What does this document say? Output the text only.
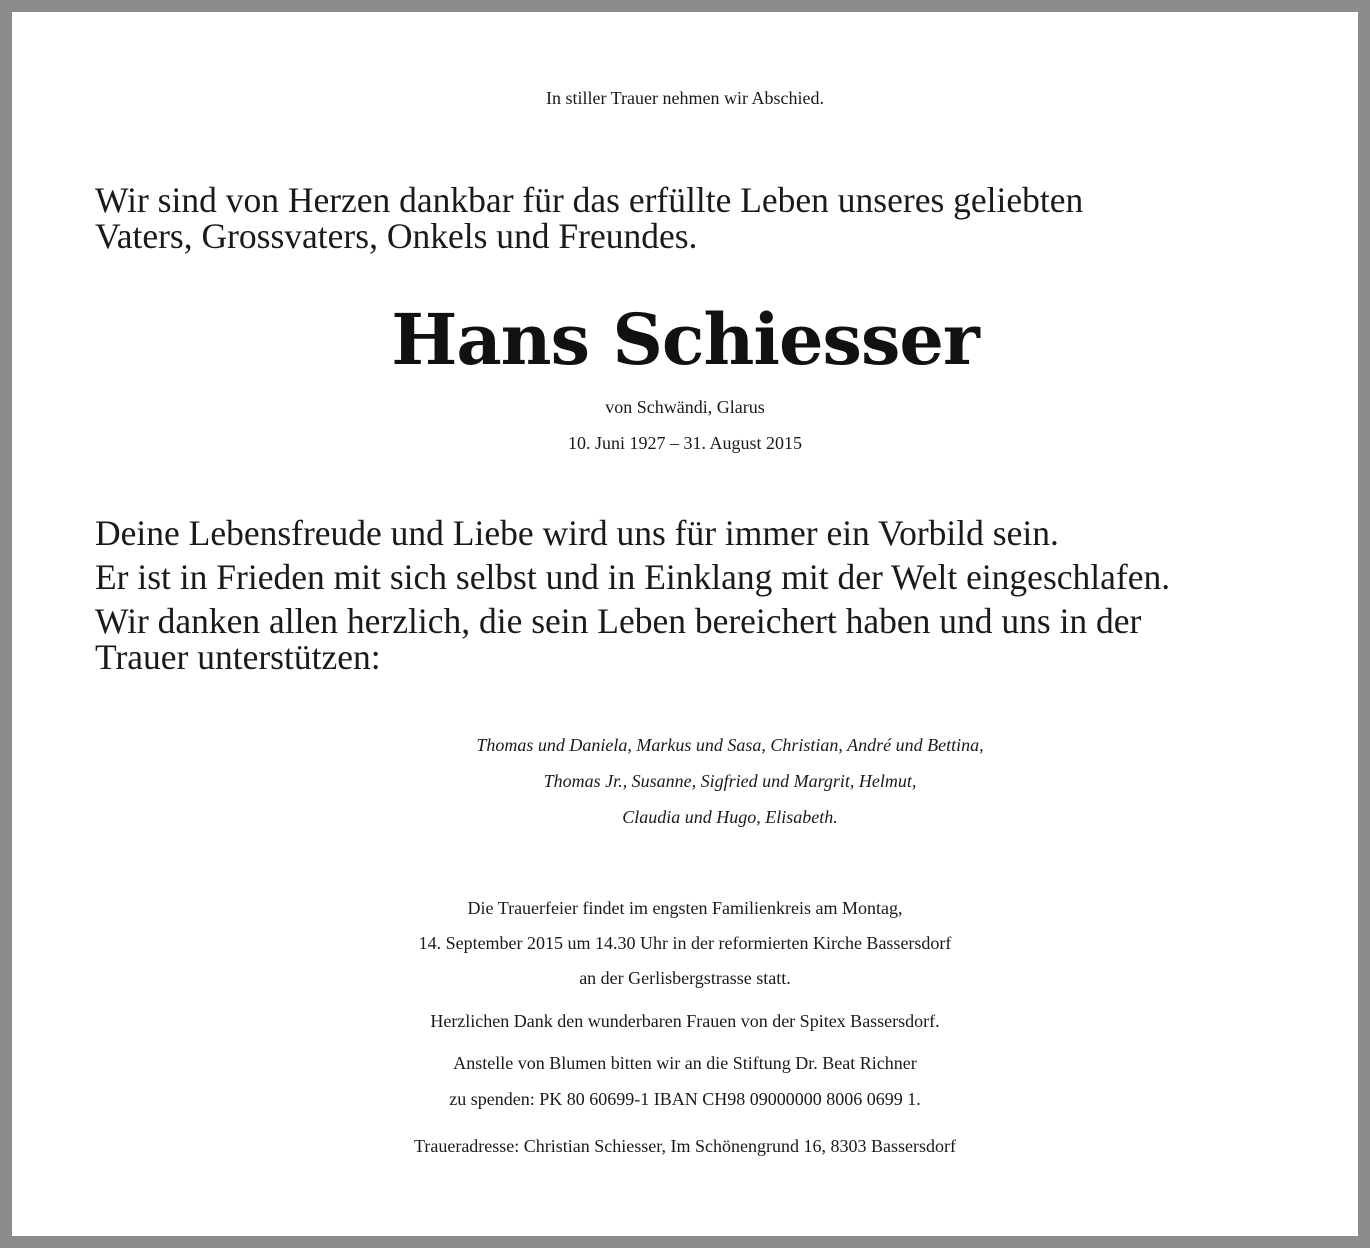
In stiller Trauer nehmen wir Abschied.

Wir sind von Herzen dankbar für das erfüllte Leben unseres geliebten

Vaters, Grossvaters, Onkels und Freundes.

Hans Schiesser

von Schwändi, Glarus

10. Juni 1927 – 31. August 2015

Deine Lebensfreude und Liebe wird uns für immer ein Vorbild sein.

Er ist in Frieden mit sich selbst und in Einklang mit der Welt eingeschlafen.

Wir danken allen herzlich, die sein Leben bereichert haben und uns in der

Trauer unterstützen:

Thomas und Daniela, Markus und Sasa, Christian, André und Bettina,

Thomas Jr., Susanne, Sigfried und Margrit, Helmut,

Claudia und Hugo, Elisabeth.

Die Trauerfeier findet im engsten Familienkreis am Montag,

14. September 2015 um 14.30 Uhr in der reformierten Kirche Bassersdorf

an der Gerlisbergstrasse statt.

Herzlichen Dank den wunderbaren Frauen von der Spitex Bassersdorf.

Anstelle von Blumen bitten wir an die Stiftung Dr. Beat Richner

zu spenden: PK 80 60699-1 IBAN CH98 09000000 8006 0699 1.

Traueradresse: Christian Schiesser, Im Schönengrund 16, 8303 Bassersdorf
